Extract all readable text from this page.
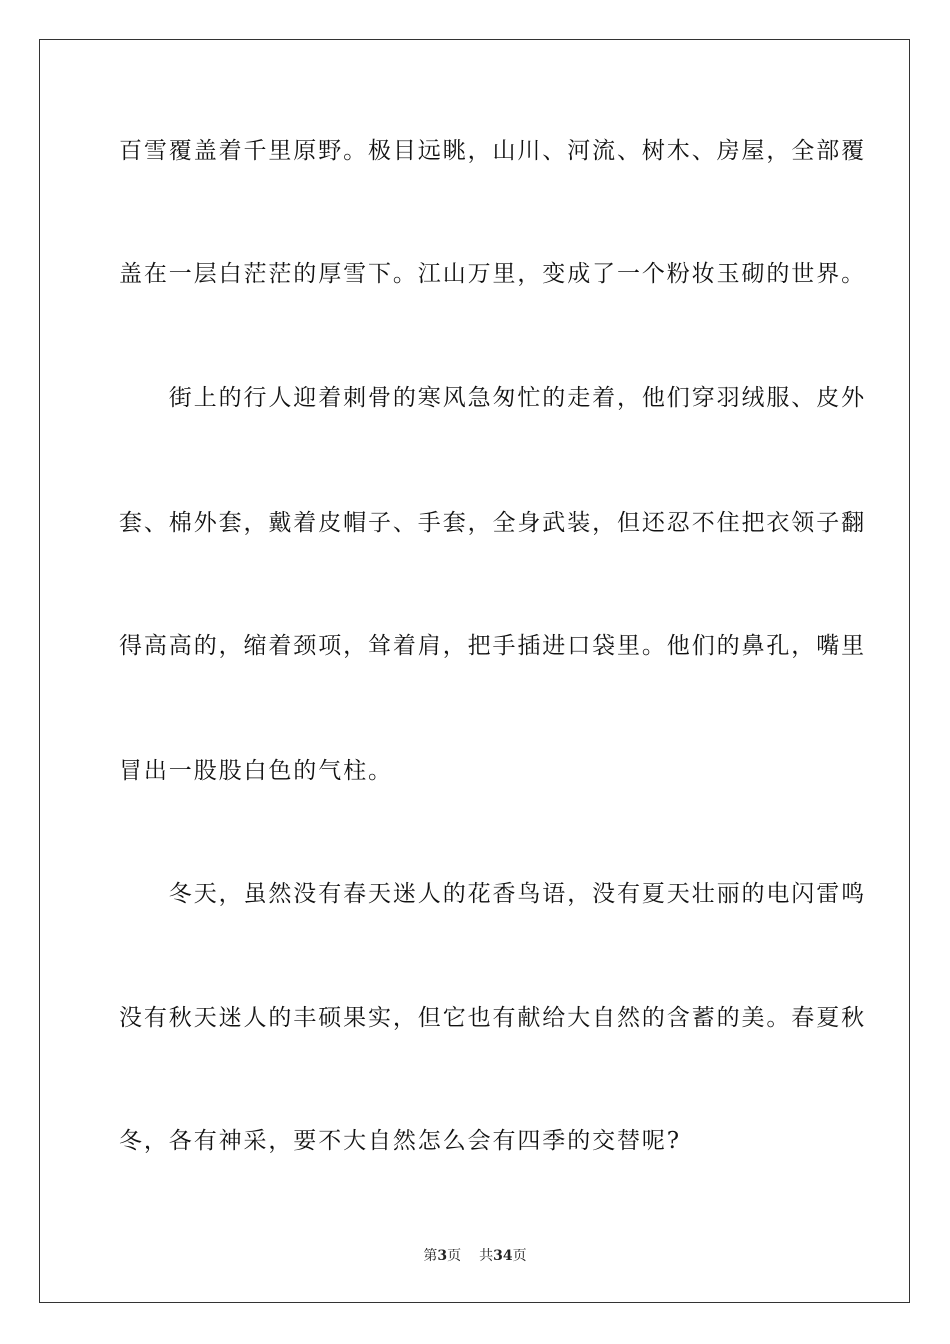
百雪覆盖着千里原野。极目远眺，山川、河流、树木、房屋，全部覆
盖在一层白茫茫的厚雪下。江山万里，变成了一个粉妆玉砌的世界。
　　街上的行人迎着刺骨的寒风急匆忙的走着，他们穿羽绒服、皮外
套、棉外套，戴着皮帽子、手套，全身武装，但还忍不住把衣领子翻
得高高的，缩着颈项，耸着肩，把手插进口袋里。他们的鼻孔，嘴里
冒出一股股白色的气柱。
　　冬天，虽然没有春天迷人的花香鸟语，没有夏天壮丽的电闪雷鸣
没有秋天迷人的丰硕果实，但它也有献给大自然的含蓄的美。春夏秋
冬，各有神采，要不大自然怎么会有四季的交替呢?
第3页 共34页
